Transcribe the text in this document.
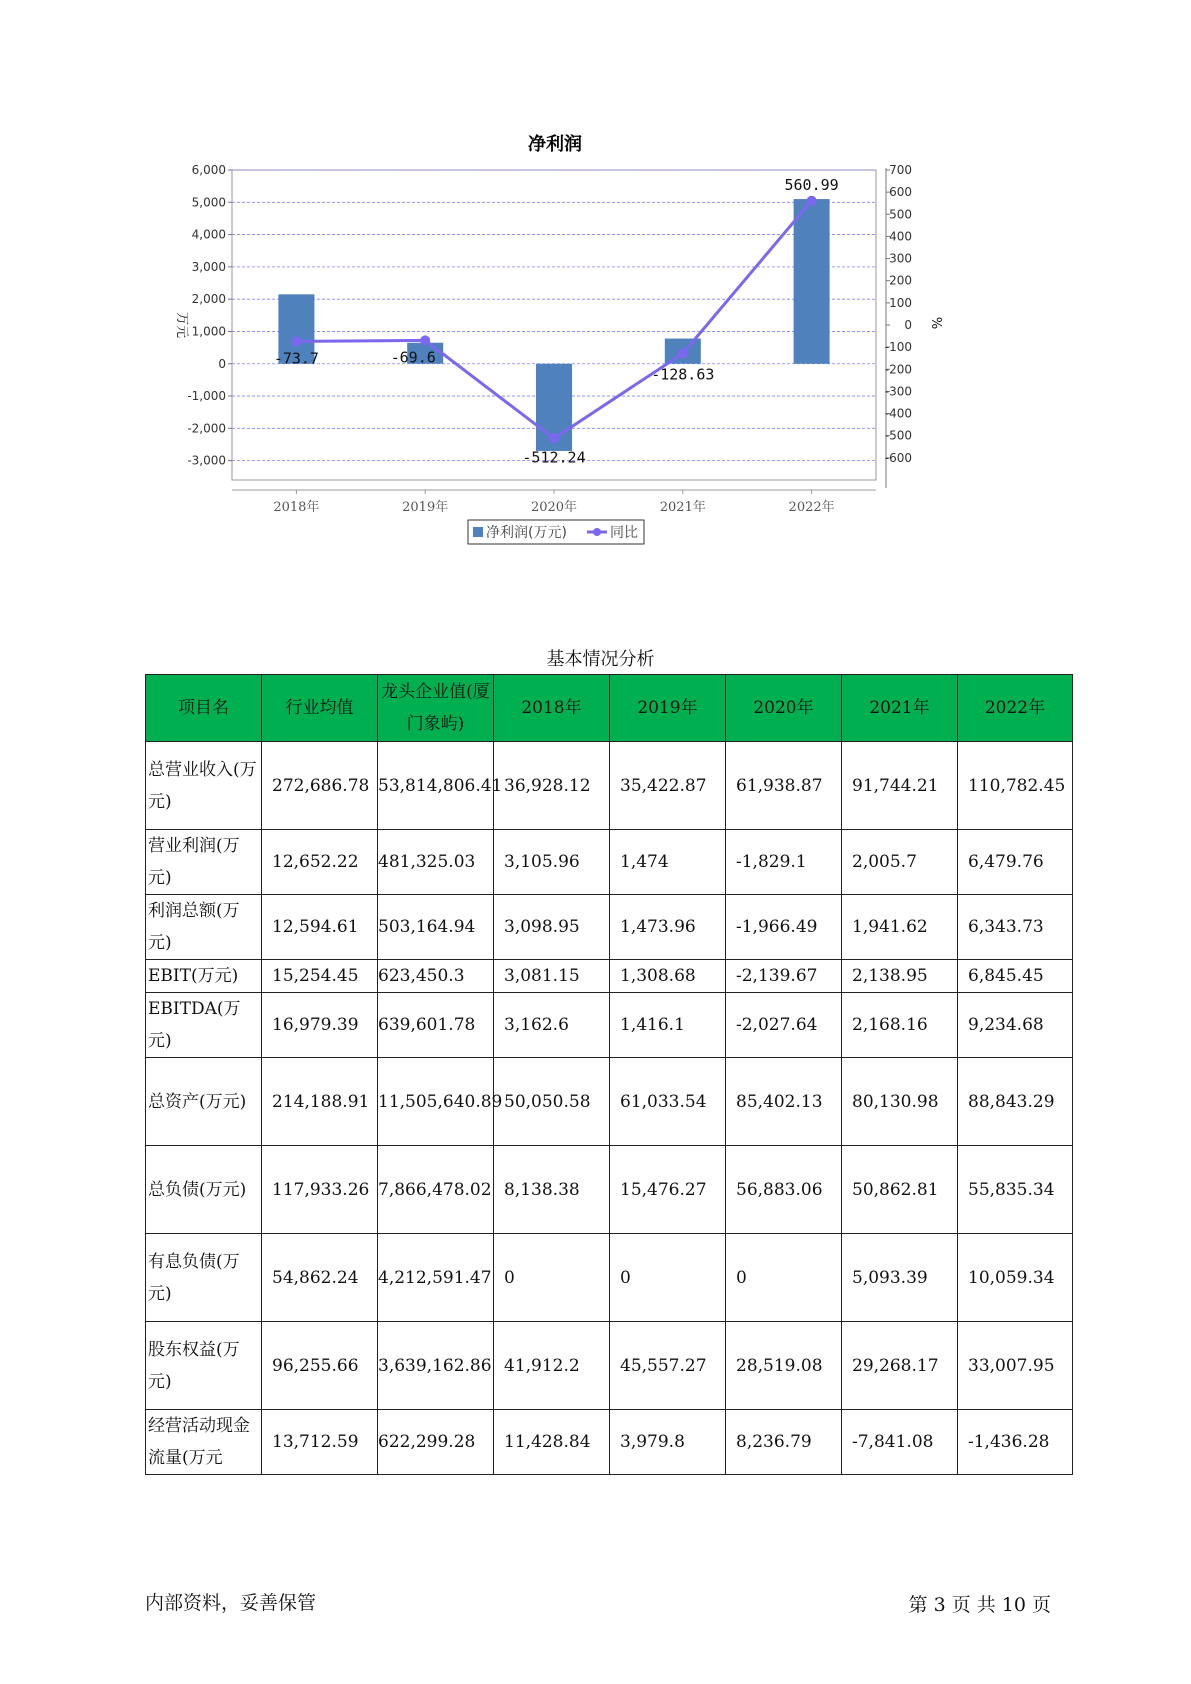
净利润
6,000
5,000
4,000
3,000
2,000
1,000
0
-1,000
-2,000
-3,000
700
600
500
400
300
200
100
0
-100
-200
-300
-400
-500
-600
万元	%
2018年	2019年	2020年	2021年	2022年
-73.7	-69.6
-512.24
-128.63
560.99
净利润(万元)	同比
基本情况分析
项目名	行业均值	龙头企业值(厦门象屿)	2018年	2019年	2020年	2021年	2022年
总营业收入(万元)	272,686.78	53,814,806.41	36,928.12	35,422.87	61,938.87	91,744.21	110,782.45
营业利润(万元)	12,652.22	481,325.03	3,105.96	1,474	-1,829.1	2,005.7	6,479.76
利润总额(万元)	12,594.61	503,164.94	3,098.95	1,473.96	-1,966.49	1,941.62	6,343.73
EBIT(万元)	15,254.45	623,450.3	3,081.15	1,308.68	-2,139.67	2,138.95	6,845.45
EBITDA(万元)	16,979.39	639,601.78	3,162.6	1,416.1	-2,027.64	2,168.16	9,234.68
总资产(万元)	214,188.91	11,505,640.89	50,050.58	61,033.54	85,402.13	80,130.98	88,843.29
总负债(万元)	117,933.26	7,866,478.02	8,138.38	15,476.27	56,883.06	50,862.81	55,835.34
有息负债(万元)	54,862.24	4,212,591.47	0	0	0	5,093.39	10,059.34
股东权益(万元)	96,255.66	3,639,162.86	41,912.2	45,557.27	28,519.08	29,268.17	33,007.95
经营活动现金流量(万元	13,712.59	622,299.28	11,428.84	3,979.8	8,236.79	-7,841.08	-1,436.28
内部资料，妥善保管	第 3 页 共 10 页
